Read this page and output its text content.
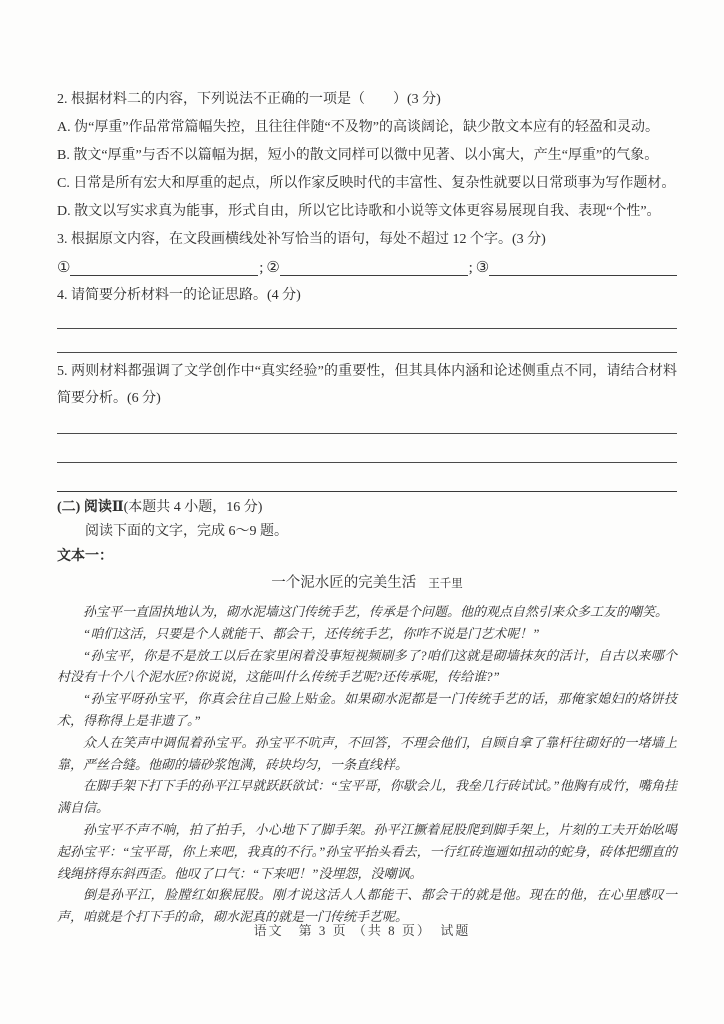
2. 根据材料二的内容，下列说法不正确的一项是（　　）(3 分)
A. 伪“厚重”作品常常篇幅失控，且往往伴随“不及物”的高谈阔论，缺少散文本应有的轻盈和灵动。
B. 散文“厚重”与否不以篇幅为据，短小的散文同样可以微中见著、以小寓大，产生“厚重”的气象。
C. 日常是所有宏大和厚重的起点，所以作家反映时代的丰富性、复杂性就要以日常琐事为写作题材。
D. 散文以写实求真为能事，形式自由，所以它比诗歌和小说等文体更容易展现自我、表现“个性”。
3. 根据原文内容，在文段画横线处补写恰当的语句，每处不超过 12 个字。(3 分)
①	; ②	; ③
4. 请简要分析材料一的论证思路。(4 分)
5. 两则材料都强调了文学创作中“真实经验”的重要性，但其具体内涵和论述侧重点不同，请结合材料简要分析。(6 分)
(二) 阅读Ⅱ(本题共 4 小题，16 分)
阅读下面的文字，完成 6～9 题。
文本一：
一个泥水匠的完美生活 王千里

孙宝平一直固执地认为，砌水泥墙这门传统手艺，传承是个问题。他的观点自然引来众多工友的嘲笑。

“咱们这活，只要是个人就能干、都会干，还传统手艺，你咋不说是门艺术呢！”

“孙宝平，你是不是放工以后在家里闲着没事短视频刷多了?咱们这就是砌墙抹灰的活计，自古以来哪个村没有十个八个泥水匠?你说说，这能叫什么传统手艺呢?还传承呢，传给谁?”

“孙宝平呀孙宝平，你真会往自己脸上贴金。如果砌水泥都是一门传统手艺的话，那俺家媳妇的烙饼技术，得称得上是非遗了。”

众人在笑声中调侃着孙宝平。孙宝平不吭声，不回答，不理会他们，自顾自拿了靠杆往砌好的一堵墙上靠，严丝合缝。他砌的墙砂浆饱满，砖块均匀，一条直线样。

在脚手架下打下手的孙平江早就跃跃欲试：“宝平哥，你歇会儿，我垒几行砖试试。”他胸有成竹，嘴角挂满自信。

孙宝平不声不响，拍了拍手，小心地下了脚手架。孙平江撅着屁股爬到脚手架上，片刻的工夫开始吆喝起孙宝平：“宝平哥，你上来吧，我真的不行。”孙宝平抬头看去，一行红砖迤逦如扭动的蛇身，砖体把绷直的线绳挤得东斜西歪。他叹了口气：“下来吧！”没埋怨，没嘲讽。

倒是孙平江，脸膛红如猴屁股。刚才说这活人人都能干、都会干的就是他。现在的他，在心里感叹一声，咱就是个打下手的命，砌水泥真的就是一门传统手艺呢。

语文　第 3 页 （共 8 页）　试题
